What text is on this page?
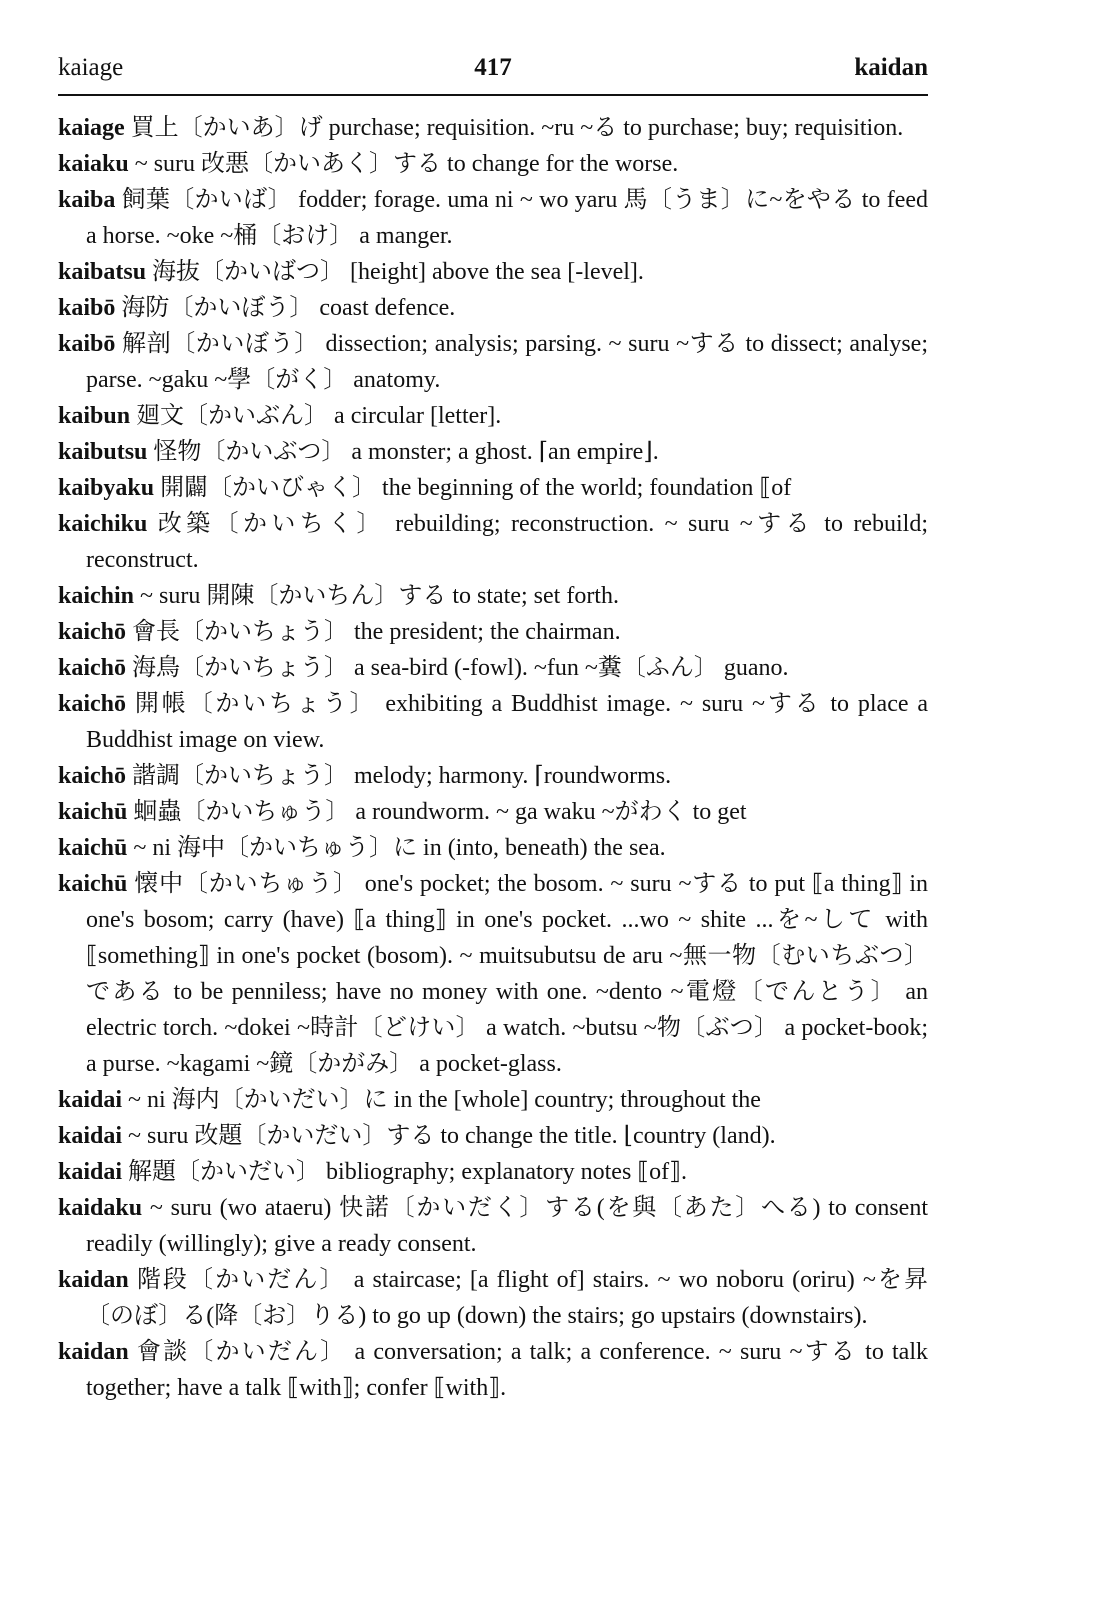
kaiage	417	kaidan
kaiage 買上〔かいあ〕げ purchase; requisition. ~ru ~る to purchase; buy; requisition.
kaiaku ~ suru 改悪〔かいあく〕する to change for the worse.
kaiba 飼葉〔かいば〕 fodder; forage. uma ni ~ wo yaru 馬〔うま〕に~をやる to feed a horse. ~oke ~桶〔おけ〕 a manger.
kaibatsu 海抜〔かいばつ〕 [height] above the sea [-level].
kaibō 海防〔かいぼう〕 coast defence.
kaibō 解剖〔かいぼう〕 dissection; analysis; parsing. ~ suru ~する to dissect; analyse; parse. ~gaku ~學〔がく〕 anatomy.
kaibun 廻文〔かいぶん〕 a circular [letter].
kaibutsu 怪物〔かいぶつ〕 a monster; a ghost. ⌈an empire⌋.
kaibyaku 開闢〔かいびゃく〕 the beginning of the world; foundation ⟦of
kaichiku 改築〔かいちく〕 rebuilding; reconstruction. ~ suru ~する to rebuild; reconstruct.
kaichin ~ suru 開陳〔かいちん〕する to state; set forth.
kaichō 會長〔かいちょう〕 the president; the chairman.
kaichō 海鳥〔かいちょう〕 a sea-bird (-fowl). ~fun ~糞〔ふん〕 guano.
kaichō 開帳〔かいちょう〕 exhibiting a Buddhist image. ~ suru ~する to place a Buddhist image on view.
kaichō 諧調〔かいちょう〕 melody; harmony. ⌈roundworms.
kaichū 蛔蟲〔かいちゅう〕 a roundworm. ~ ga waku ~がわく to get
kaichū ~ ni 海中〔かいちゅう〕に in (into, beneath) the sea.
kaichū 懐中〔かいちゅう〕 one's pocket; the bosom. ~ suru ~する to put ⟦a thing⟧ in one's bosom; carry (have) ⟦a thing⟧ in one's pocket. ...wo ~ shite ...を~して with ⟦something⟧ in one's pocket (bosom). ~ muitsubutsu de aru ~無一物〔むいちぶつ〕である to be penniless; have no money with one. ~dento ~電燈〔でんとう〕 an electric torch. ~dokei ~時計〔どけい〕 a watch. ~butsu ~物〔ぶつ〕 a pocket-book; a purse. ~kagami ~鏡〔かがみ〕 a pocket-glass.
kaidai ~ ni 海内〔かいだい〕に in the [whole] country; throughout the
kaidai ~ suru 改題〔かいだい〕する to change the title. ⌊country (land).
kaidai 解題〔かいだい〕 bibliography; explanatory notes ⟦of⟧.
kaidaku ~ suru (wo ataeru) 快諾〔かいだく〕する(を與〔あた〕へる) to consent readily (willingly); give a ready consent.
kaidan 階段〔かいだん〕 a staircase; [a flight of] stairs. ~ wo noboru (oriru) ~を昇〔のぼ〕る(降〔お〕りる) to go up (down) the stairs; go upstairs (downstairs).
kaidan 會談〔かいだん〕 a conversation; a talk; a conference. ~ suru ~する to talk together; have a talk ⟦with⟧; confer ⟦with⟧.
